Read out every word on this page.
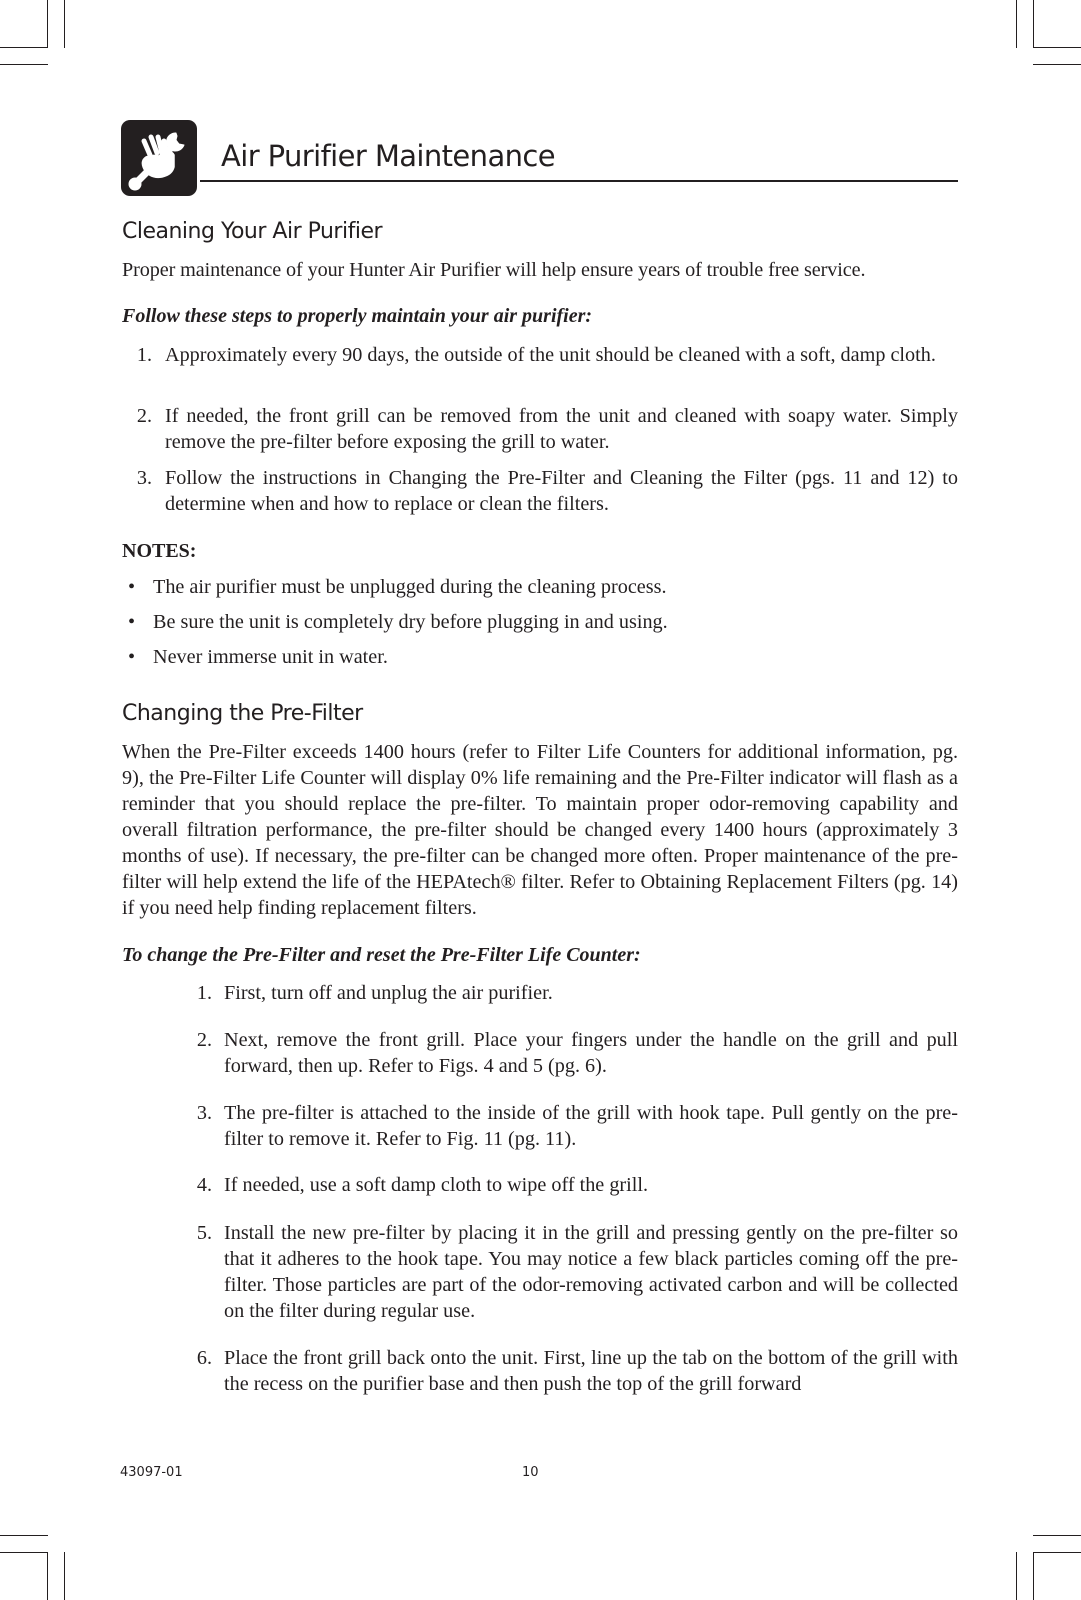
Air Purifier Maintenance
Cleaning Your Air Purifier
Proper maintenance of your Hunter Air Purifier will help ensure years of trouble free service.
Follow these steps to properly maintain your air purifier:
1. Approximately every 90 days, the outside of the unit should be cleaned with a soft, damp cloth.
2. If needed, the front grill can be removed from the unit and cleaned with soapy water. Simply remove the pre-filter before exposing the grill to water.
3. Follow the instructions in Changing the Pre-Filter and Cleaning the Filter (pgs. 11 and 12) to determine when and how to replace or clean the filters.
NOTES:
• The air purifier must be unplugged during the cleaning process.
• Be sure the unit is completely dry before plugging in and using.
• Never immerse unit in water.
Changing the Pre-Filter
When the Pre-Filter exceeds 1400 hours (refer to Filter Life Counters for additional information, pg. 9), the Pre-Filter Life Counter will display 0% life remaining and the Pre-Filter indicator will flash as a reminder that you should replace the pre-filter. To maintain proper odor-removing capability and overall filtration performance, the pre-filter should be changed every 1400 hours (approximately 3 months of use). If necessary, the pre-filter can be changed more often. Proper maintenance of the pre-filter will help extend the life of the HEPAtech® filter. Refer to Obtaining Replacement Filters (pg. 14) if you need help finding replacement filters.
To change the Pre-Filter and reset the Pre-Filter Life Counter:
1. First, turn off and unplug the air purifier.
2. Next, remove the front grill. Place your fingers under the handle on the grill and pull forward, then up. Refer to Figs. 4 and 5 (pg. 6).
3. The pre-filter is attached to the inside of the grill with hook tape. Pull gently on the pre-filter to remove it. Refer to Fig. 11 (pg. 11).
4. If needed, use a soft damp cloth to wipe off the grill.
5. Install the new pre-filter by placing it in the grill and pressing gently on the pre-filter so that it adheres to the hook tape. You may notice a few black particles coming off the pre-filter. Those particles are part of the odor-removing activated carbon and will be collected on the filter during regular use.
6. Place the front grill back onto the unit. First, line up the tab on the bottom of the grill with the recess on the purifier base and then push the top of the grill forward
43097-01	10
